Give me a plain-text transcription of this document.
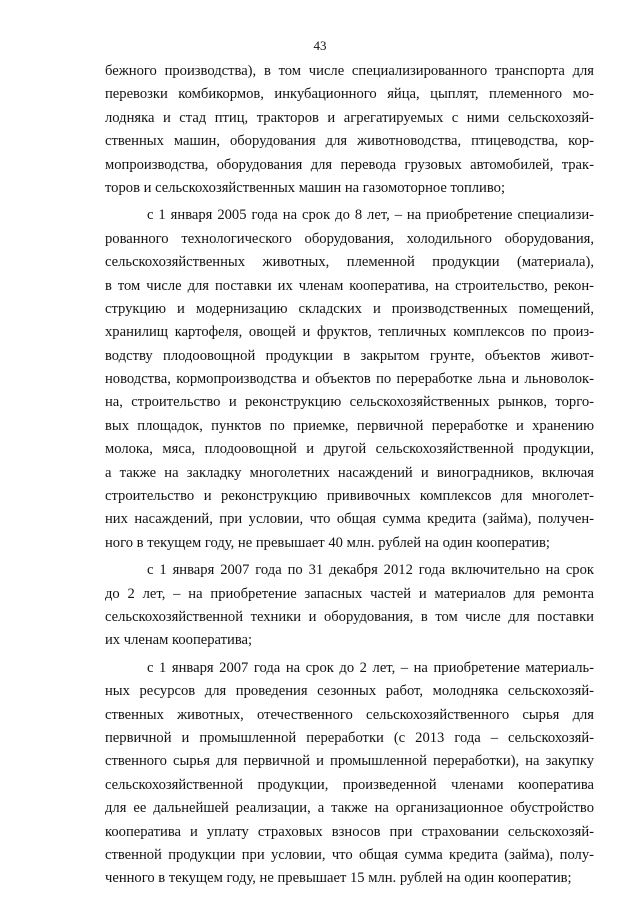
43
бежного производства), в том числе специализированного транспорта для
перевозки комбикормов, инкубационного яйца, цыплят, племенного мо-
лодняка и стад птиц, тракторов и агрегатируемых с ними сельскохозяй-
ственных машин, оборудования для животноводства, птицеводства, кор-
мопроизводства, оборудования для перевода грузовых автомобилей, трак-
торов и сельскохозяйственных машин на газомоторное топливо;
с 1 января 2005 года на срок до 8 лет, – на приобретение специализи-
рованного технологического оборудования, холодильного оборудования,
сельскохозяйственных животных, племенной продукции (материала),
в том числе для поставки их членам кооператива, на строительство, рекон-
струкцию и модернизацию складских и производственных помещений,
хранилищ картофеля, овощей и фруктов, тепличных комплексов по произ-
водству плодоовощной продукции в закрытом грунте, объектов живот-
новодства, кормопроизводства и объектов по переработке льна и льноволок-
на, строительство и реконструкцию сельскохозяйственных рынков, торго-
вых площадок, пунктов по приемке, первичной переработке и хранению
молока, мяса, плодоовощной и другой сельскохозяйственной продукции,
а также на закладку многолетних насаждений и виноградников, включая
строительство и реконструкцию прививочных комплексов для многолет-
них насаждений, при условии, что общая сумма кредита (займа), получен-
ного в текущем году, не превышает 40 млн. рублей на один кооператив;
с 1 января 2007 года по 31 декабря 2012 года включительно на срок
до 2 лет, – на приобретение запасных частей и материалов для ремонта
сельскохозяйственной техники и оборудования, в том числе для поставки
их членам кооператива;
с 1 января 2007 года на срок до 2 лет, – на приобретение материаль-
ных ресурсов для проведения сезонных работ, молодняка сельскохозяй-
ственных животных, отечественного сельскохозяйственного сырья для
первичной и промышленной переработки (с 2013 года – сельскохозяй-
ственного сырья для первичной и промышленной переработки), на закупку
сельскохозяйственной продукции, произведенной членами кооператива
для ее дальнейшей реализации, а также на организационное обустройство
кооператива и уплату страховых взносов при страховании сельскохозяй-
ственной продукции при условии, что общая сумма кредита (займа), полу-
ченного в текущем году, не превышает 15 млн. рублей на один кооператив;
